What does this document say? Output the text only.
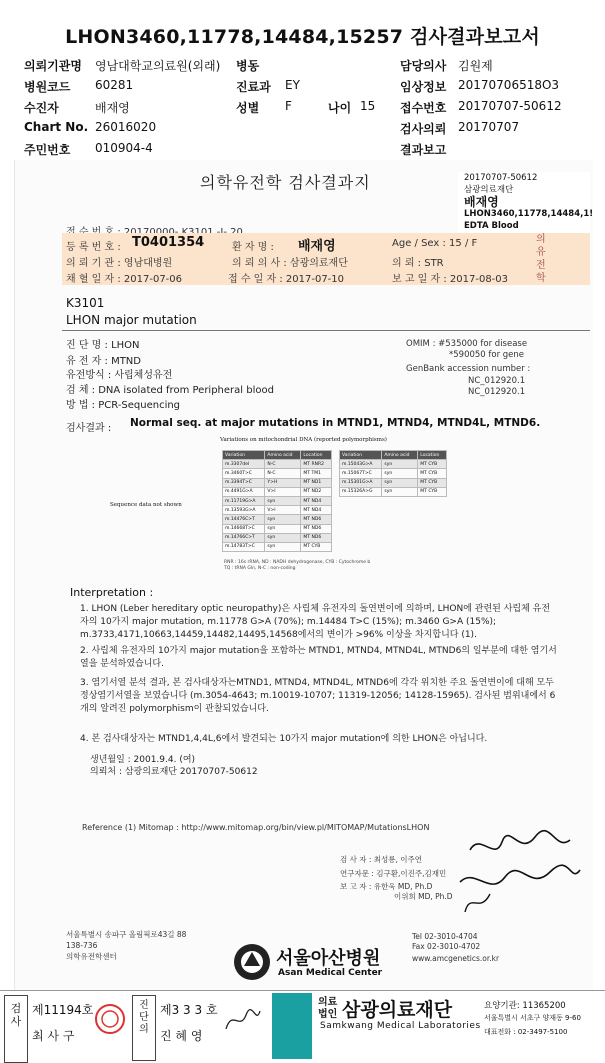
LHON3460,11778,14484,15257 검사결과보고서
의뢰기관명 영남대학교의료원(외래) 병동	담당의사 김원제
병원코드 60281	진료과 EY	임상정보 20170706518O3
수진자	배재영	성별 F	나이 15 접수번호 20170707-50612
Chart No. 26016020	검사의뢰 20170707
주민번호 010904-4	결과보고
의학유전학 검사결과지	20170707-50612
삼광의료재단
배재영
LHON3460,11778,14484,1!
EDTA Blood
등 록 번 호 : T0401354	환 자 명 : 배재영	Age / Sex : 15 / F
의 뢰 기 관 : 영남대병원	의 뢰 의 사 : 삼광의료재단	의 뢰 : STR
채 혈 일 자 : 2017-07-06	접 수 일 자 : 2017-07-10	보 고 일 자 : 2017-08-03
의
유
전
학
K3101
LHON major mutation
진 단 명 : LHON
유 전 자 : MTND
유전방식 : 사립체성유전
검 체 : DNA isolated from Peripheral blood
방 법 : PCR-Sequencing
OMIM : #535000 for disease
*590050 for gene
GenBank accession number :
NC_012920.1
NC_012920.1
검사결과 : Normal seq. at major mutations in MTND1, MTND4, MTND4L, MTND6.
Variations on mitochondrial DNA (reported polymorphisms)
Sequence data not shown
Variation	Amino acid	Location
m.3307del	N-C	MT RNR2
m.3460T>C	N-C	MT TM1
m.3394T>C	Y>H	MT ND1
m.4491G>A	V>I	MT ND2
m.11719G>A	syn	MT ND4
m.13593G>A	V>I	MT ND4
m.14476C>T	syn	MT ND6
m.14668T>C	syn	MT ND6
m.14766C>T	syn	MT ND6
m.14783T>C	syn	MT CYB
Variation	Amino acid	Location
m.15043G>A	syn	MT CYB
m.15067T>C	syn	MT CYB
m.15301G>A	syn	MT CYB
m.15326A>G	syn	MT CYB
RNR : 16s rRNA, ND : NADH dehydrogenase, CYB : Cytochrome b
TQ : tRNA Gln, N-C : non-coding
Interpretation :
1. LHON (Leber hereditary optic neuropathy)은 사립체 유전자의 돌연변이에 의하며, LHON에 관련된 사립체 유전자의 10가지 major mutation, m.11778 G>A (70%); m.14484 T>C (15%); m.3460 G>A (15%); m.3733,4171,10663,14459,14482,14495,14568에서의 변이가 >96% 이상을 차지합니다 (1).
2. 사립체 유전자의 10가지 major mutation을 포함하는 MTND1, MTND4, MTND4L, MTND6의 일부분에 대한 염기서열을 분석하였습니다.
3. 염기서열 분석 결과, 본 검사대상자는MTND1, MTND4, MTND4L, MTND6에 각각 위치한 주요 돌연변이에 대해 모두 정상염기서열을 보였습니다 (m.3054-4643; m.10019-10707; 11319-12056; 14128-15965). 검사된 범위내에서 6개의 알려진 polymorphism이 관찰되었습니다.
4. 본 검사대상자는 MTND1,4,4L,6에서 발견되는 10가지 major mutation에 의한 LHON은 아닙니다.
생년월일 : 2001.9.4. (여)
의뢰처 : 삼광의료재단 20170707-50612
Reference (1) Mitomap : http://www.mitomap.org/bin/view.pl/MITOMAP/MutationsLHON
검 사 자 : 최성룡, 이주연
연구자문 : 김구환,이진주,김재민
보 고 자 : 유한욱 MD, Ph.D
이위희 MD, Ph.D
서울특별시 송파구 올림픽로43길 88
138-736
의학유전학센터	서울아산병원
Asan Medical Center
Tel 02-3010-4704
Fax 02-3010-4702
www.amcgenetics.or.kr
검
사
제11194호
최 사 구
진
단
의
제3 3 3 호
진 혜 영
의료
법인 삼광의료재단
Samkwang Medical Laboratories
요양기관: 11365200
서울특별시 서초구 양재동 9-60
대표전화 : 02-3497-5100
